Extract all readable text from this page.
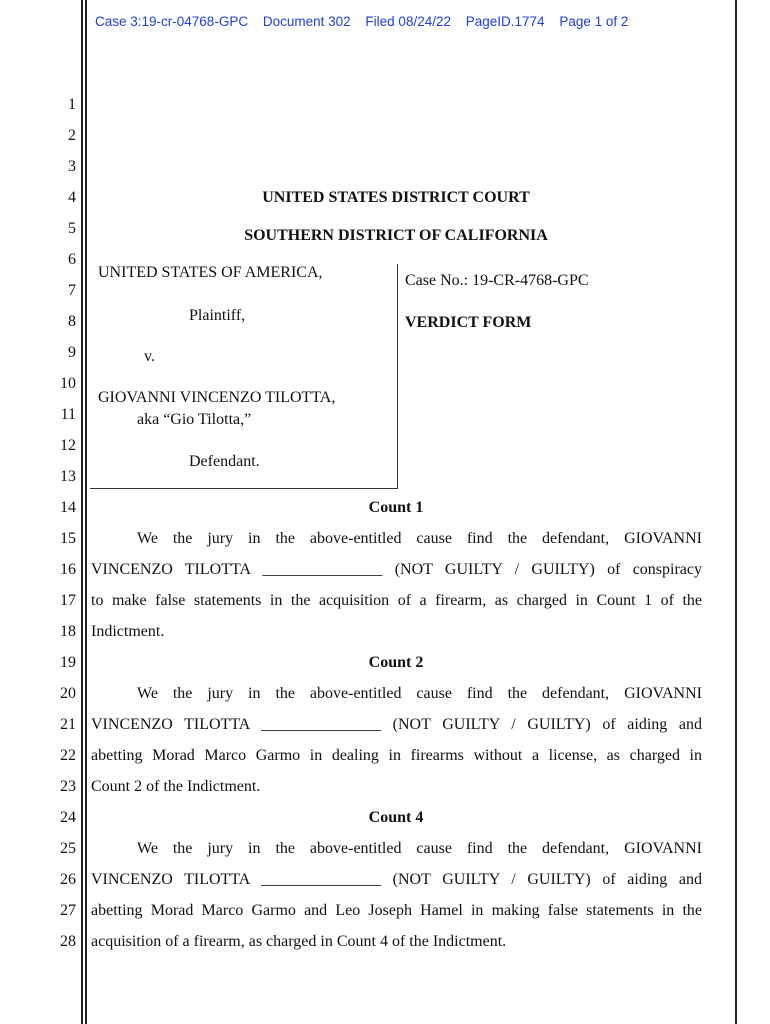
Case 3:19-cr-04768-GPC Document 302 Filed 08/24/22 PageID.1774 Page 1 of 2
1
2
3
4
5
6
7
8
9
10
11
12
13
14
15
16
17
18
19
20
21
22
23
24
25
26
27
28
UNITED STATES DISTRICT COURT
SOUTHERN DISTRICT OF CALIFORNIA
UNITED STATES OF AMERICA,
Plaintiff,
v.
GIOVANNI VINCENZO TILOTTA,
aka “Gio Tilotta,”
Defendant.
Case No.: 19-CR-4768-GPC
VERDICT FORM
Count 1
We the jury in the above-entitled cause find the defendant, GIOVANNI
VINCENZO TILOTTA _______________ (NOT GUILTY / GUILTY) of conspiracy
to make false statements in the acquisition of a firearm, as charged in Count 1 of the
Indictment.
Count 2
We the jury in the above-entitled cause find the defendant, GIOVANNI
VINCENZO TILOTTA _______________ (NOT GUILTY / GUILTY) of aiding and
abetting Morad Marco Garmo in dealing in firearms without a license, as charged in
Count 2 of the Indictment.
Count 4
We the jury in the above-entitled cause find the defendant, GIOVANNI
VINCENZO TILOTTA _______________ (NOT GUILTY / GUILTY) of aiding and
abetting Morad Marco Garmo and Leo Joseph Hamel in making false statements in the
acquisition of a firearm, as charged in Count 4 of the Indictment.
